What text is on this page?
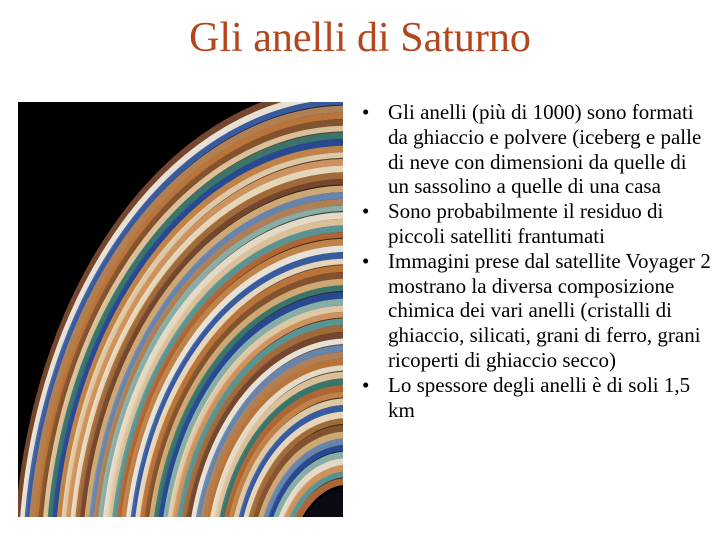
Gli anelli di Saturno
• Gli anelli (più di 1000) sono formati da ghiaccio e polvere (iceberg e palle di neve con dimensioni da quelle di un sassolino a quelle di una casa
• Sono probabilmente il residuo di piccoli satelliti frantumati
• Immagini prese dal satellite Voyager 2 mostrano la diversa composizione chimica dei vari anelli (cristalli di ghiaccio, silicati, grani di ferro, grani ricoperti di ghiaccio secco)
• Lo spessore degli anelli è di soli 1,5 km
